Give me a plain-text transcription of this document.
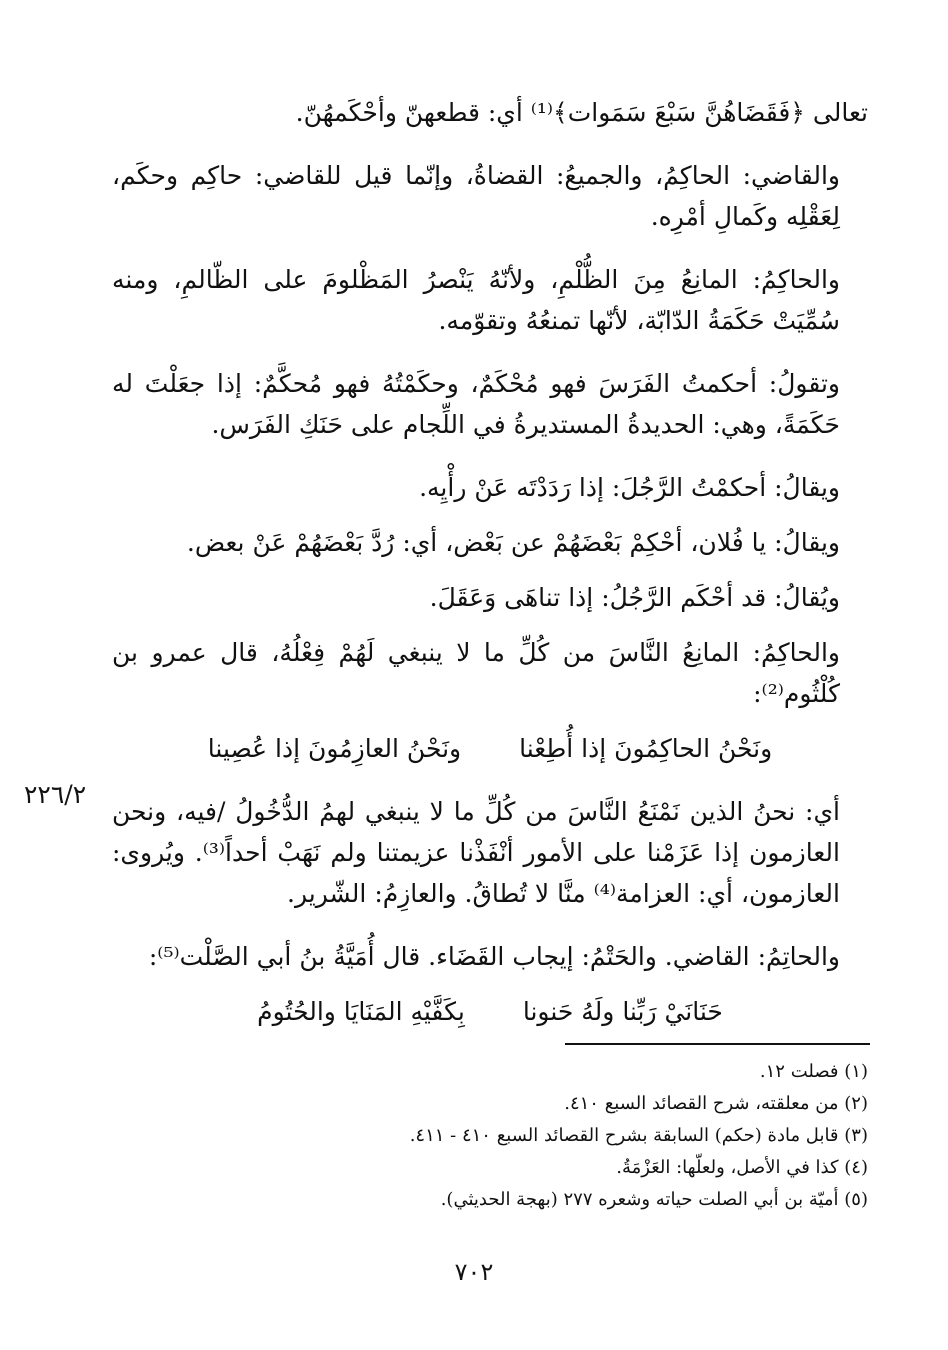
تعالى ﴿فَقَضَاهُنَّ سَبْعَ سَمَوات﴾⁽¹⁾ أي: قطعهنّ وأحْكَمهُنّ.

والقاضي: الحاكِمُ، والجميعُ: القضاةُ، وإنّما قيل للقاضي: حاكِم وحكَم، لِعَقْلِه وكَمالِ أمْرِه.

والحاكِمُ: المانِعُ مِنَ الظُّلْمِ، ولأنّهُ يَنْصرُ المَظْلومَ على الظّالمِ، ومنه سُمِّيَتْ حَكَمَةُ الدّابّة، لأنّها تمنعُهُ وتقوّمه.

وتقولُ: أحكمتُ الفَرَسَ فهو مُحْكَمٌ، وحكَمْتُهُ فهو مُحكَّمٌ: إذا جعَلْتَ له حَكَمَةً، وهي: الحديدةُ المستديرةُ في اللِّجام على حَنَكِ الفَرَس.

ويقالُ: أحكمْتُ الرَّجُلَ: إذا رَدَدْتَه عَنْ رأْيِه.

ويقالُ: يا فُلان، أحْكِمْ بَعْضَهُمْ عن بَعْض، أي: رُدَّ بَعْضَهُمْ عَنْ بعض.

ويُقالُ: قد أحْكَم الرَّجُلُ: إذا تناهَى وَعَقَلَ.

والحاكِمُ: المانِعُ النَّاسَ من كُلِّ ما لا ينبغي لَهُمْ فِعْلُهُ، قال عمرو بن كُلْثُوم⁽²⁾:

ونَحْنُ الحاكِمُونَ إذا أُطِعْنا
ونَحْنُ العازِمُونَ إذا عُصِينا

أي: نحنُ الذين نَمْنَعُ النَّاسَ من كُلِّ ما لا ينبغي لهمُ الدُّخُولُ /فيه، ونحن العازمون إذا عَزَمْنا على الأمور أنْفَذْنا عزيمتنا ولم نَهَبْ أحداً⁽³⁾. ويُروى: العازمون، أي: العزامة⁽⁴⁾ منَّا لا تُطاقُ. والعازِمُ: الشّرير.

والحاتِمُ: القاضي. والحَتْمُ: إيجاب القَضَاء. قال أُمَيَّةُ بنُ أبي الصَّلْت⁽⁵⁾:

حَنَانَيْ رَبِّنا ولَهُ حَنونا
بِكَفَّيْهِ المَنَايَا والحُتُومُ
٢٢٦/٢
(١) فصلت ١٢.
(٢) من معلقته، شرح القصائد السبع ٤١٠.
(٣) قابل مادة (حكم) السابقة بشرح القصائد السبع ٤١٠ - ٤١١.
(٤) كذا في الأصل، ولعلّها: العَزْمَةُ.
(٥) أميّة بن أبي الصلت حياته وشعره ٢٧٧ (بهجة الحديثي).
٧٠٢
